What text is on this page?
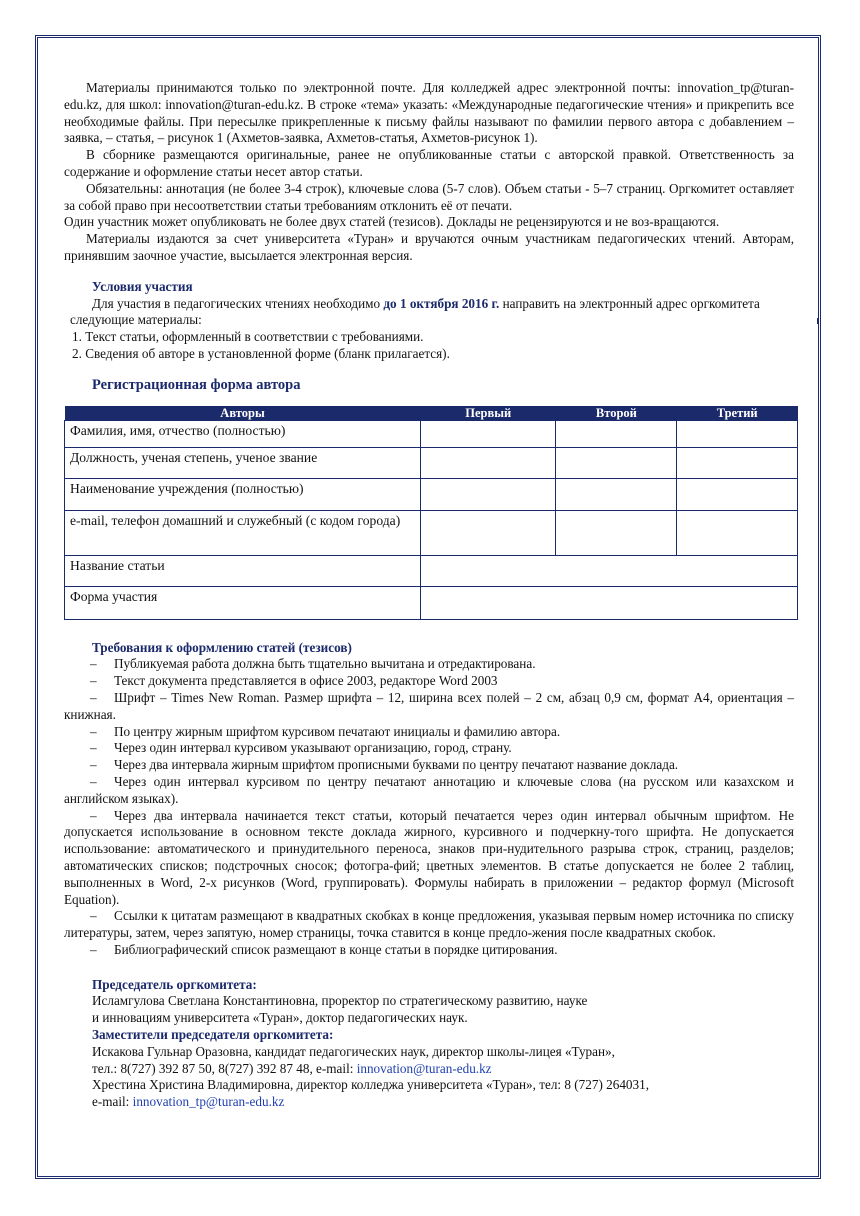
Материалы принимаются только по электронной почте. Для колледжей адрес электронной почты: innovation_tp@turan-edu.kz, для школ: innovation@turan-edu.kz. В строке «тема» указать: «Международные педагогические чтения» и прикрепить все необходимые файлы. При пересылке прикрепленные к письму файлы называют по фамилии первого автора с добавлением – заявка, – статья, – рисунок 1 (Ахметов-заявка, Ахметов-статья, Ахметов-рисунок 1).

В сборнике размещаются оригинальные, ранее не опубликованные статьи с авторской правкой. Ответственность за содержание и оформление статьи несет автор статьи.

Обязательны: аннотация (не более 3-4 строк), ключевые слова (5-7 слов). Объем статьи - 5–7 страниц. Оргкомитет оставляет за собой право при несоответствии статьи требованиям отклонить её от печати.

Один участник может опубликовать не более двух статей (тезисов). Доклады не рецензируются и не воз-вращаются.

Материалы издаются за счет университета «Туран» и вручаются очным участникам педагогических чтений. Авторам, принявшим заочное участие, высылается электронная версия.

Условия участия

Для участия в педагогических чтениях необходимо до 1 октября 2016 г. направить на электронный адрес оргкомитета следующие материалы:

1. Текст статьи, оформленный в соответствии с требованиями.

2. Сведения об авторе в установленной форме (бланк прилагается).

Регистрационная форма автора

Авторы	Первый	Второй	Третий
Фамилия, имя, отчество (полностью)			
Должность, ученая степень, ученое звание			
Наименование учреждения (полностью)			
e-mail, телефон домашний и служебный (с кодом города)			
Название статьи			
Форма участия			

Требования к оформлению статей (тезисов)

– Публикуемая работа должна быть тщательно вычитана и отредактирована.

– Текст документа представляется в офисе 2003, редакторе Word 2003

– Шрифт – Times New Roman. Размер шрифта – 12, ширина всех полей – 2 см, абзац 0,9 см, формат А4, ориентация – книжная.

– По центру жирным шрифтом курсивом печатают инициалы и фамилию автора.

– Через один интервал курсивом указывают организацию, город, страну.

– Через два интервала жирным шрифтом прописными буквами по центру печатают название доклада.

– Через один интервал курсивом по центру печатают аннотацию и ключевые слова (на русском или казахском и английском языках).

– Через два интервала начинается текст статьи, который печатается через один интервал обычным шрифтом. Не допускается использование в основном тексте доклада жирного, курсивного и подчеркну-того шрифта. Не допускается использование: автоматического и принудительного переноса, знаков при-нудительного разрыва строк, страниц, разделов; автоматических списков; подстрочных сносок; фотогра-фий; цветных элементов. В статье допускается не более 2 таблиц, выполненных в Word, 2-х рисунков (Word, группировать). Формулы набирать в приложении – редактор формул (Microsoft Equation).

– Ссылки к цитатам размещают в квадратных скобках в конце предложения, указывая первым номер источника по списку литературы, затем, через запятую, номер страницы, точка ставится в конце предло-жения после квадратных скобок.

– Библиографический список размещают в конце статьи в порядке цитирования.

Председатель оргкомитета:

Исламгулова Светлана Константиновна, проректор по стратегическому развитию, науке

и инновациям университета «Туран», доктор педагогических наук.

Заместители председателя оргкомитета:

Искакова Гульнар Оразовна, кандидат педагогических наук, директор школы-лицея «Туран»,

тел.: 8(727) 392 87 50, 8(727) 392 87 48, e-mail: innovation@turan-edu.kz

Хрестина Христина Владимировна, директор колледжа университета «Туран», тел: 8 (727) 264031,

e-mail: innovation_tp@turan-edu.kz
